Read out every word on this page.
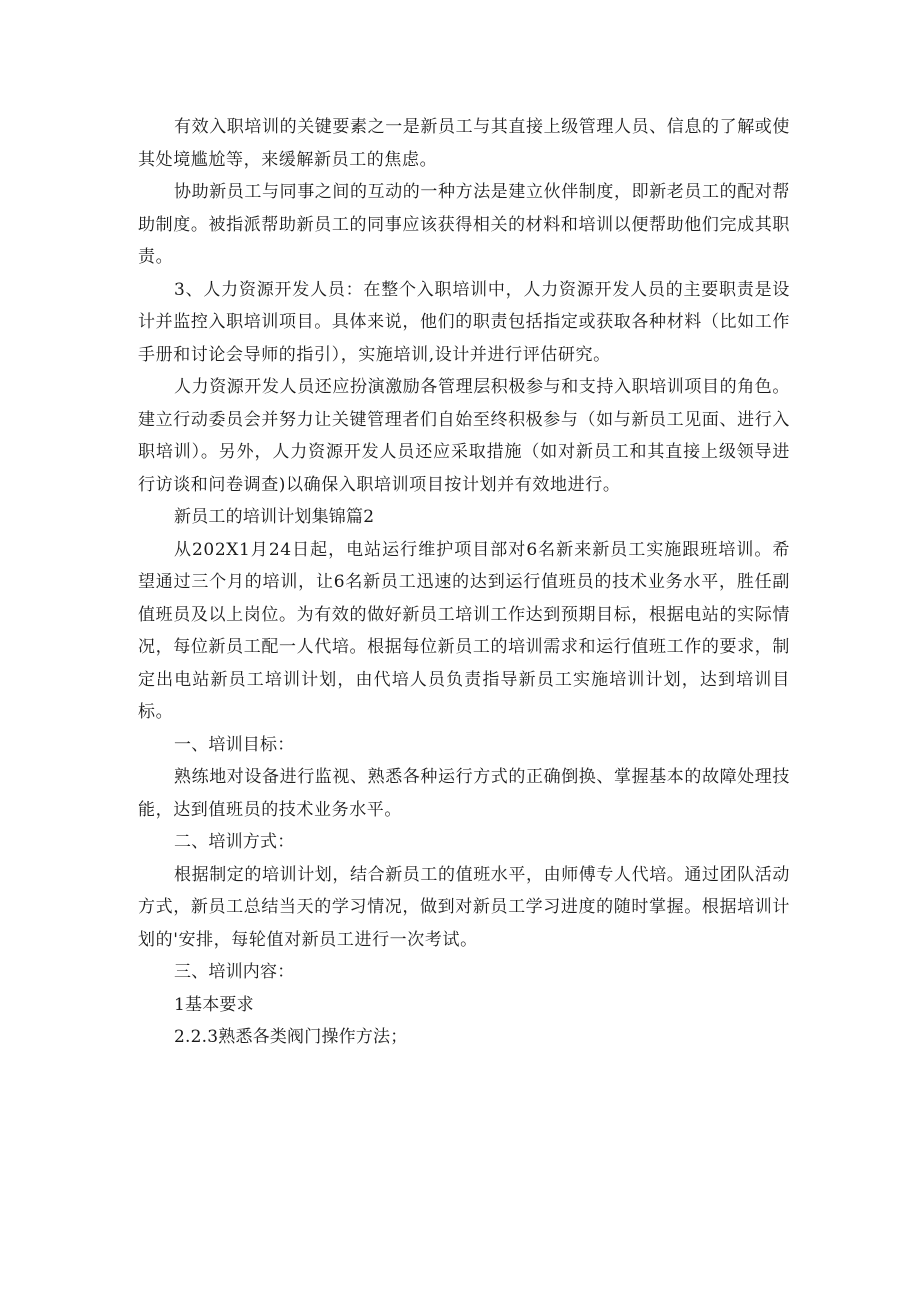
有效入职培训的关键要素之一是新员工与其直接上级管理人员、信息的了解或使其处境尴尬等，来缓解新员工的焦虑。

协助新员工与同事之间的互动的一种方法是建立伙伴制度，即新老员工的配对帮助制度。被指派帮助新员工的同事应该获得相关的材料和培训以便帮助他们完成其职责。

3、人力资源开发人员：在整个入职培训中，人力资源开发人员的主要职责是设计并监控入职培训项目。具体来说，他们的职责包括指定或获取各种材料（比如工作手册和讨论会导师的指引），实施培训,设计并进行评估研究。

人力资源开发人员还应扮演激励各管理层积极参与和支持入职培训项目的角色。建立行动委员会并努力让关键管理者们自始至终积极参与（如与新员工见面、进行入职培训）。另外，人力资源开发人员还应采取措施（如对新员工和其直接上级领导进行访谈和问卷调查)以确保入职培训项目按计划并有效地进行。

新员工的培训计划集锦篇2

从202X1月24日起，电站运行维护项目部对6名新来新员工实施跟班培训。希望通过三个月的培训，让6名新员工迅速的达到运行值班员的技术业务水平，胜任副值班员及以上岗位。为有效的做好新员工培训工作达到预期目标，根据电站的实际情况，每位新员工配一人代培。根据每位新员工的培训需求和运行值班工作的要求，制定出电站新员工培训计划，由代培人员负责指导新员工实施培训计划，达到培训目标。

一、培训目标：

熟练地对设备进行监视、熟悉各种运行方式的正确倒换、掌握基本的故障处理技能，达到值班员的技术业务水平。

二、培训方式：

根据制定的培训计划，结合新员工的值班水平，由师傅专人代培。通过团队活动方式，新员工总结当天的学习情况，做到对新员工学习进度的随时掌握。根据培训计划的'安排，每轮值对新员工进行一次考试。

三、培训内容：

1基本要求

2.2.3熟悉各类阀门操作方法；
